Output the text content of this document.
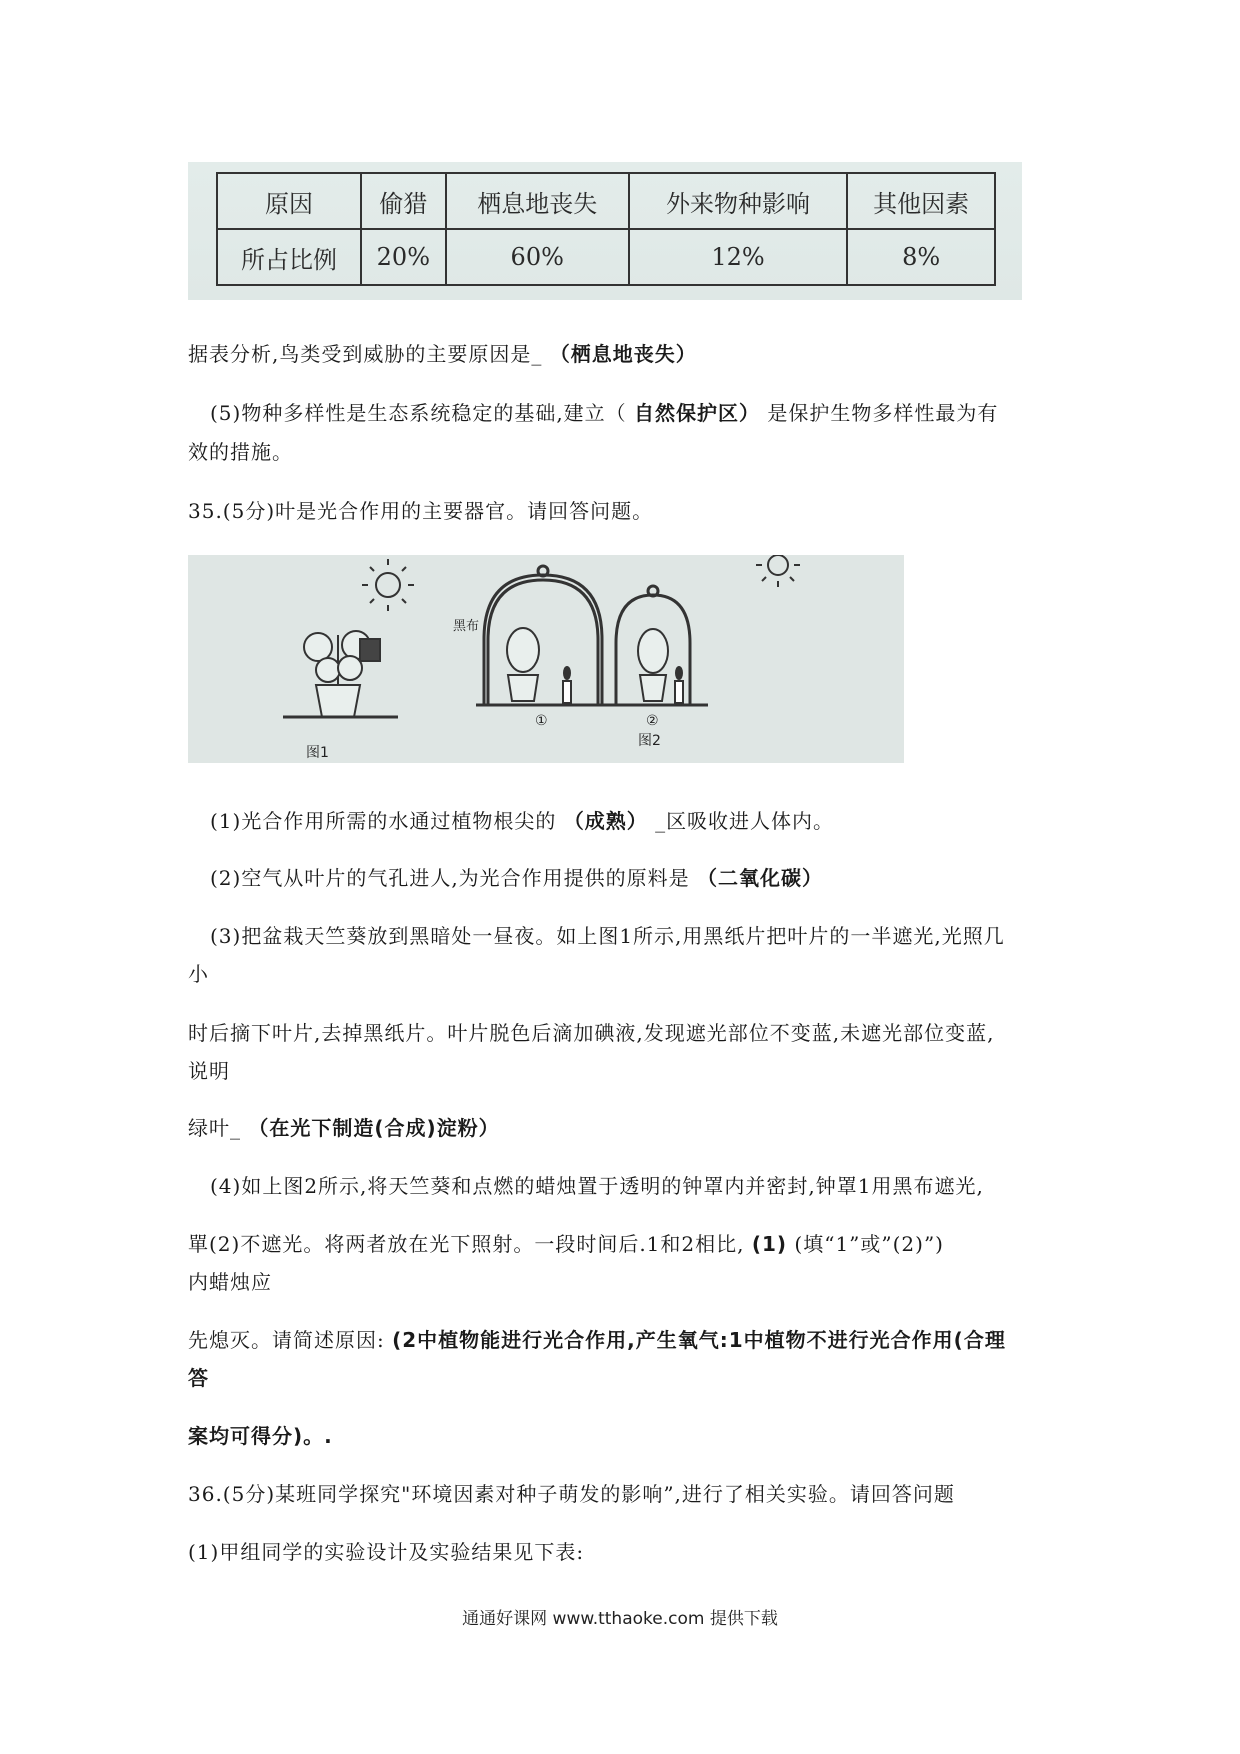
原因	偷猎	栖息地丧失	外来物种影响	其他因素
所占比例	20%	60%	12%	8%
据表分析,鸟类受到威胁的主要原因是_ （栖息地丧失）
(5)物种多样性是生态系统稳定的基础,建立（ 自然保护区） 是保护生物多样性最为有
效的措施。
35.(5分)叶是光合作用的主要器官。请回答问题。
图1
图2
黑布
①	②
(1)光合作用所需的水通过植物根尖的 （成熟） _区吸收进人体内。
(2)空气从叶片的气孔进人,为光合作用提供的原料是 （二氧化碳）
(3)把盆栽天竺葵放到黑暗处一昼夜。如上图1所示,用黑纸片把叶片的一半遮光,光照几
小
时后摘下叶片,去掉黑纸片。叶片脱色后滴加碘液,发现遮光部位不变蓝,未遮光部位变蓝,
说明
绿叶_ （在光下制造(合成)淀粉）
(4)如上图2所示,将天竺葵和点燃的蜡烛置于透明的钟罩内并密封,钟罩1用黑布遮光,
單(2)不遮光。将两者放在光下照射。一段时间后.1和2相比, (1) (填“1”或”(2)”)
内蜡烛应
先熄灭。请简述原因: (2中植物能进行光合作用,产生氧气:1中植物不进行光合作用(合理
答
案均可得分)。.
36.(5分)某班同学探究"环境因素对种子萌发的影响”,进行了相关实验。请回答问题
(1)甲组同学的实验设计及实验结果见下表:
通通好课网 www.tthaoke.com 提供下载
